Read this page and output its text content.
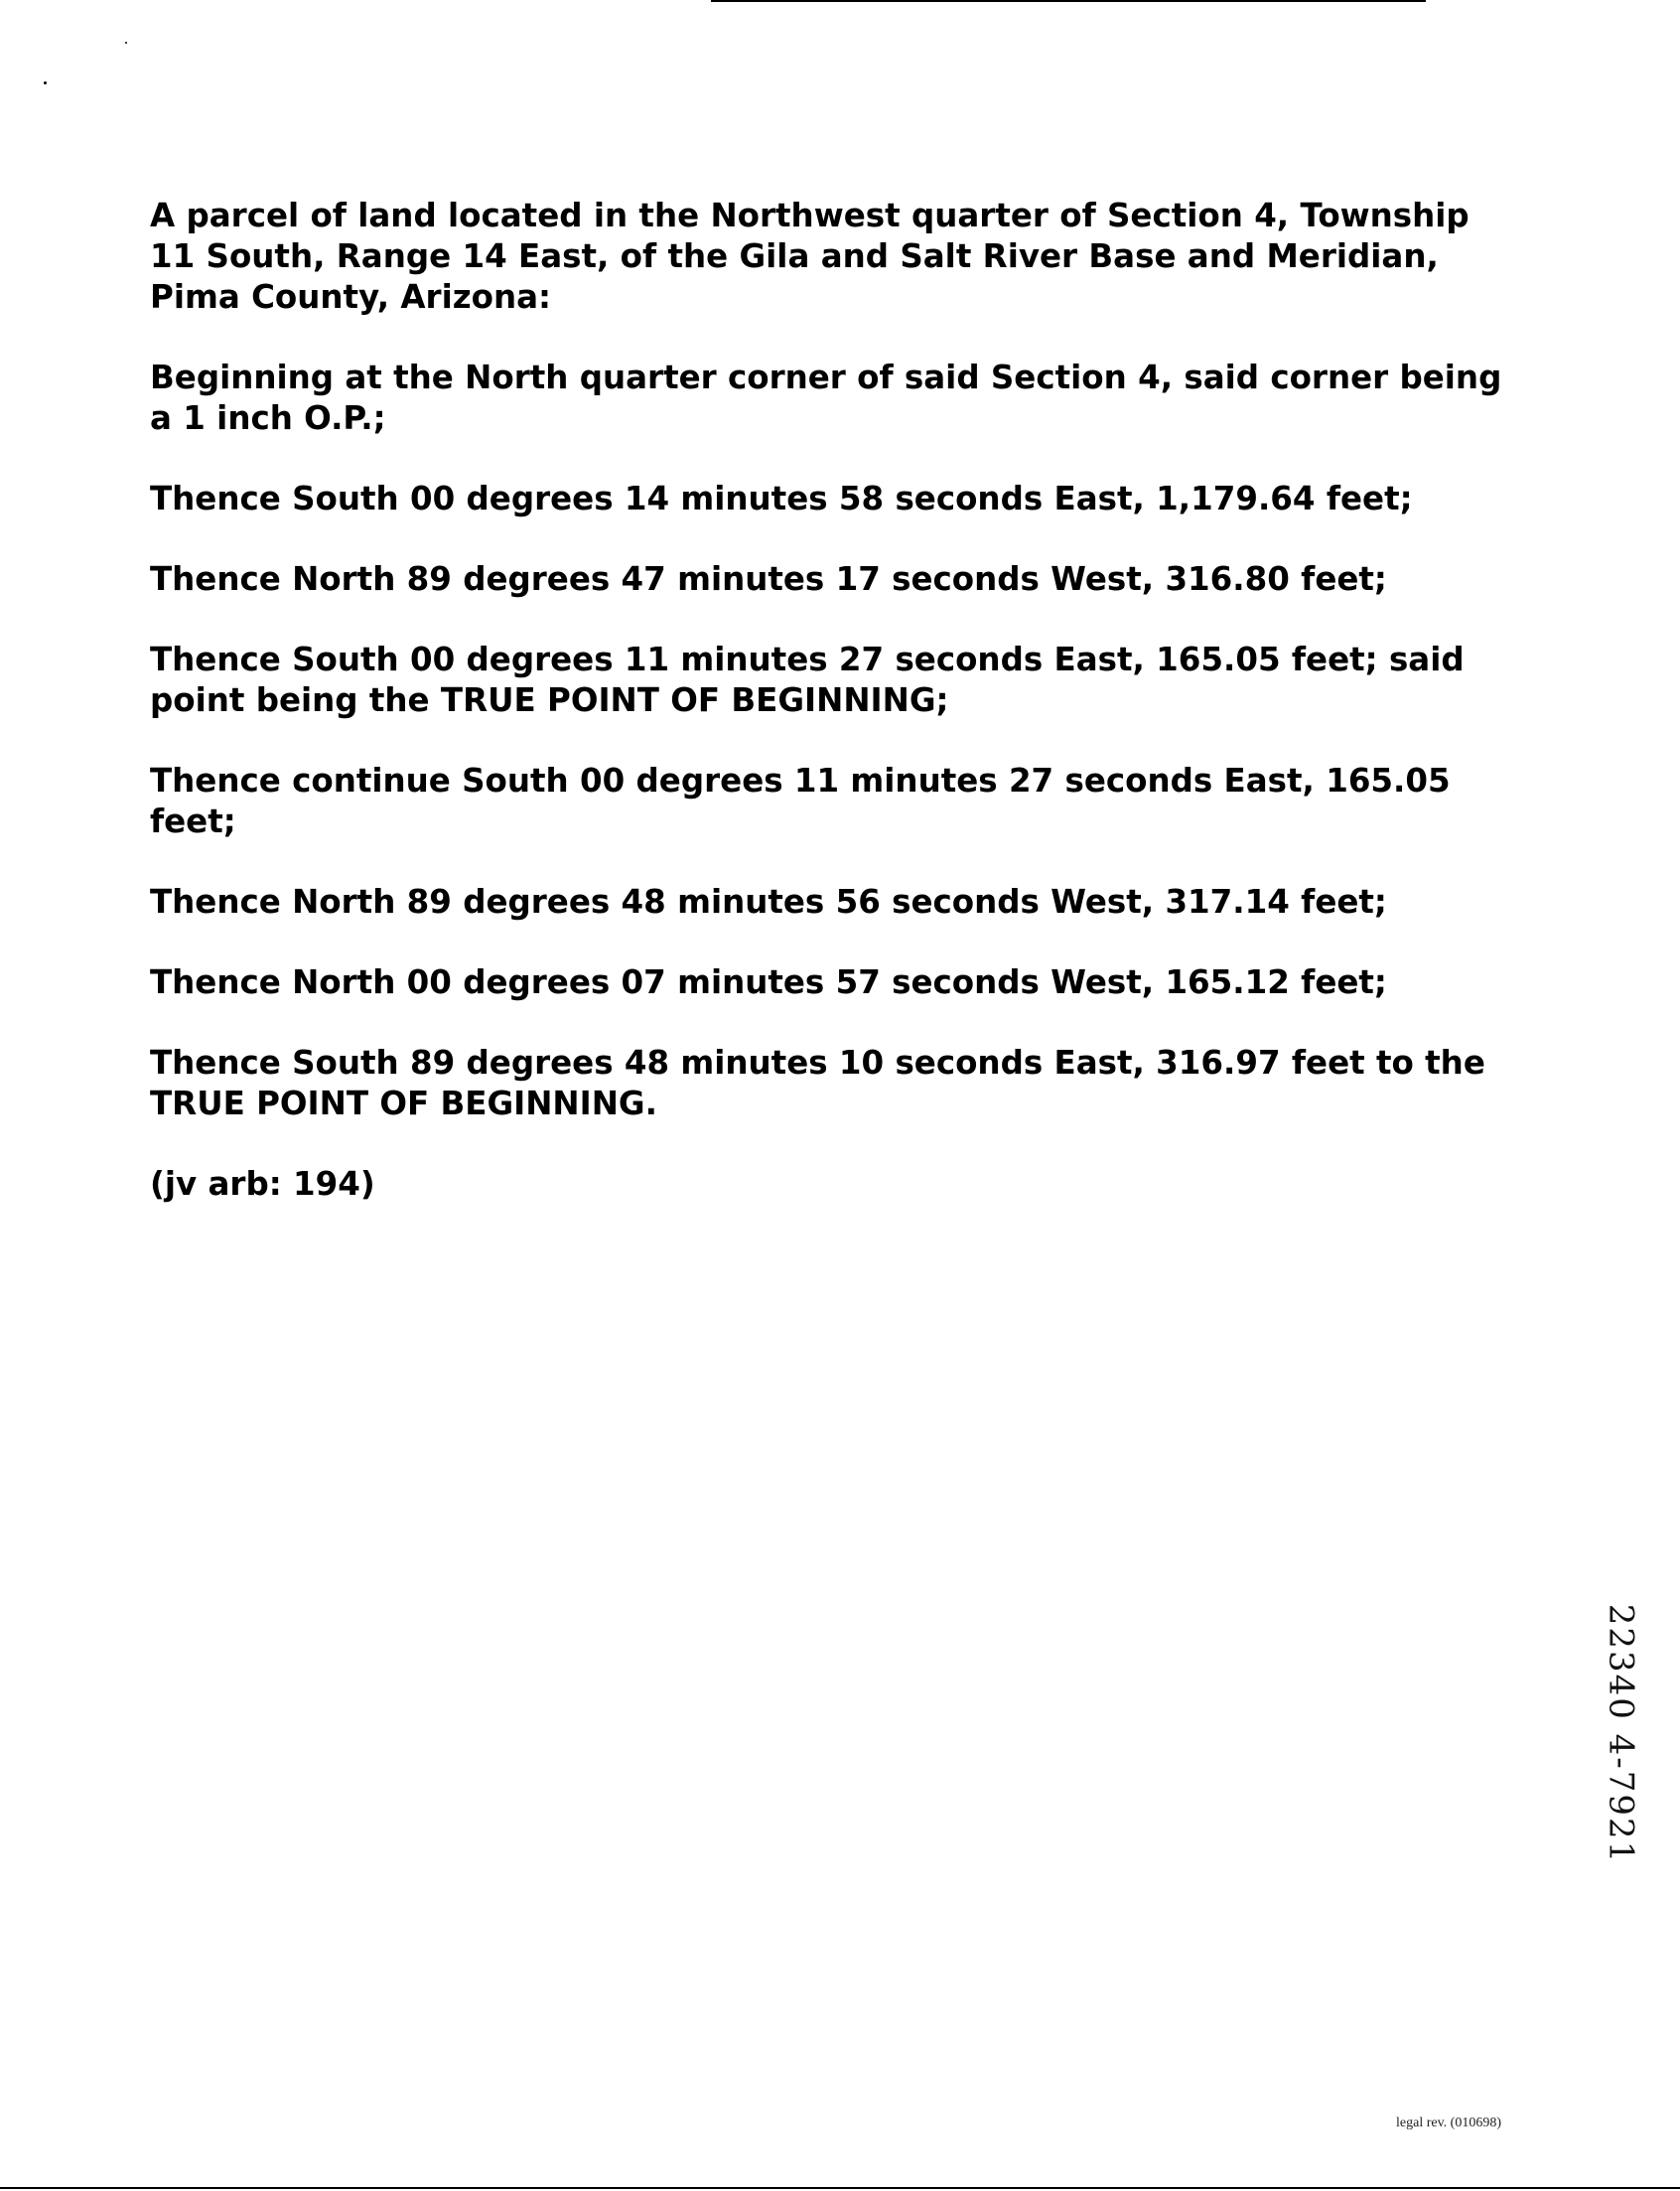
A parcel of land located in the Northwest quarter of Section 4, Township
11 South, Range 14 East, of the Gila and Salt River Base and Meridian,
Pima County, Arizona:

Beginning at the North quarter corner of said Section 4, said corner being
a 1 inch O.P.;

Thence South 00 degrees 14 minutes 58 seconds East, 1,179.64 feet;

Thence North 89 degrees 47 minutes 17 seconds West, 316.80 feet;

Thence South 00 degrees 11 minutes 27 seconds East, 165.05 feet; said
point being the TRUE POINT OF BEGINNING;

Thence continue South 00 degrees 11 minutes 27 seconds East, 165.05
feet;

Thence North 89 degrees 48 minutes 56 seconds West, 317.14 feet;

Thence North 00 degrees 07 minutes 57 seconds West, 165.12 feet;

Thence South 89 degrees 48 minutes 10 seconds East, 316.97 feet to the
TRUE POINT OF BEGINNING.

(jv arb: 194)

22340 4-7921
legal rev. (010698)
